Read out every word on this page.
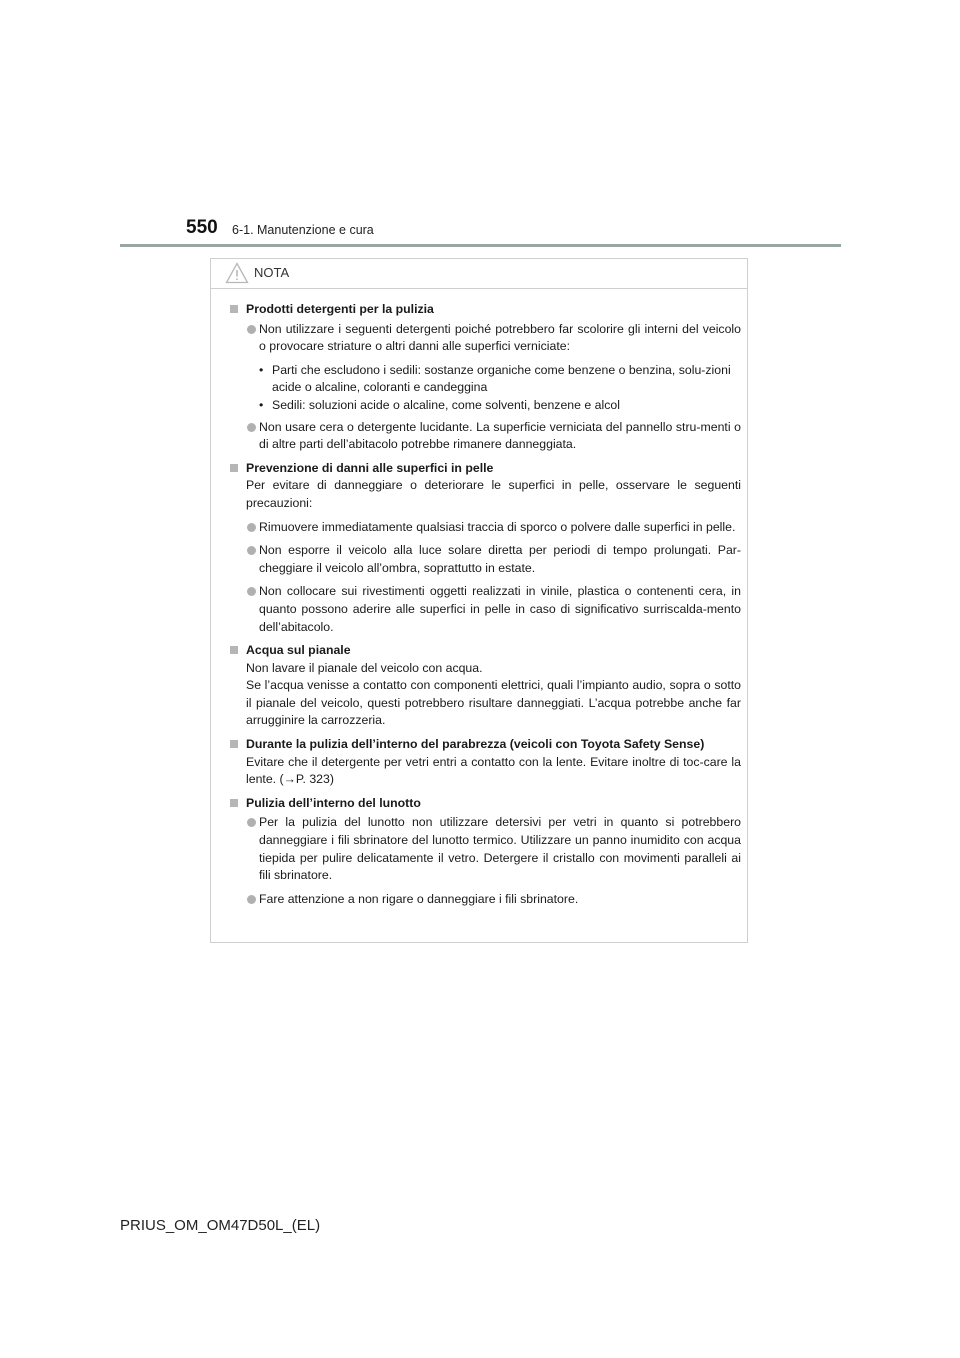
550 6-1. Manutenzione e cura
NOTA
Prodotti detergenti per la pulizia
Non utilizzare i seguenti detergenti poiché potrebbero far scolorire gli interni del veicolo o provocare striature o altri danni alle superfici verniciate:
• Parti che escludono i sedili: sostanze organiche come benzene o benzina, solu-zioni acide o alcaline, coloranti e candeggina
• Sedili: soluzioni acide o alcaline, come solventi, benzene e alcol
Non usare cera o detergente lucidante. La superficie verniciata del pannello stru-menti o di altre parti dell’abitacolo potrebbe rimanere danneggiata.
Prevenzione di danni alle superfici in pelle
Per evitare di danneggiare o deteriorare le superfici in pelle, osservare le seguenti precauzioni:
Rimuovere immediatamente qualsiasi traccia di sporco o polvere dalle superfici in pelle.
Non esporre il veicolo alla luce solare diretta per periodi di tempo prolungati. Par-cheggiare il veicolo all’ombra, soprattutto in estate.
Non collocare sui rivestimenti oggetti realizzati in vinile, plastica o contenenti cera, in quanto possono aderire alle superfici in pelle in caso di significativo surriscalda-mento dell’abitacolo.
Acqua sul pianale
Non lavare il pianale del veicolo con acqua.
Se l’acqua venisse a contatto con componenti elettrici, quali l’impianto audio, sopra o sotto il pianale del veicolo, questi potrebbero risultare danneggiati. L’acqua potrebbe anche far arrugginire la carrozzeria.
Durante la pulizia dell’interno del parabrezza (veicoli con Toyota Safety Sense)
Evitare che il detergente per vetri entri a contatto con la lente. Evitare inoltre di toc-care la lente. (→P. 323)
Pulizia dell’interno del lunotto
Per la pulizia del lunotto non utilizzare detersivi per vetri in quanto si potrebbero danneggiare i fili sbrinatore del lunotto termico. Utilizzare un panno inumidito con acqua tiepida per pulire delicatamente il vetro. Detergere il cristallo con movimenti paralleli ai fili sbrinatore.
Fare attenzione a non rigare o danneggiare i fili sbrinatore.
PRIUS_OM_OM47D50L_(EL)
